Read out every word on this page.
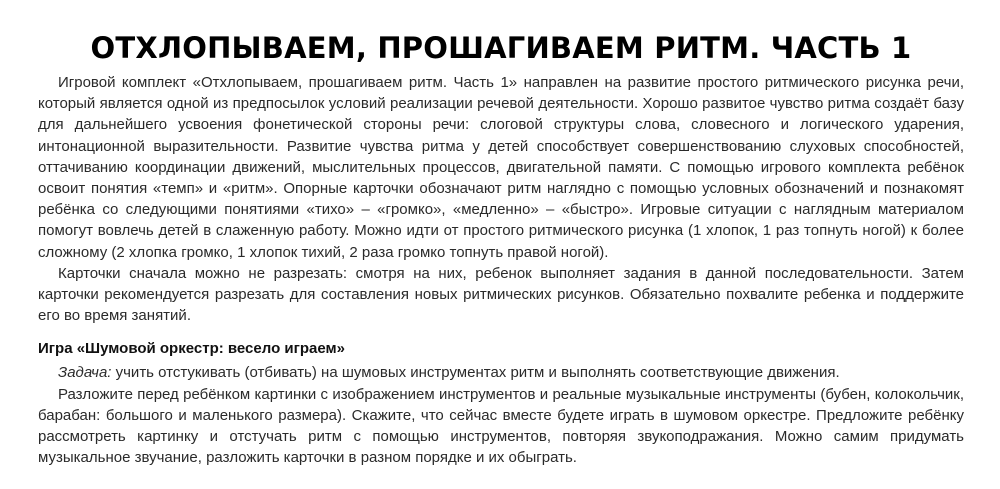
ОТХЛОПЫВАЕМ, ПРОШАГИВАЕМ РИТМ. ЧАСТЬ 1

Игровой комплект «Отхлопываем, прошагиваем ритм. Часть 1» направлен на развитие простого ритмического рисунка речи, который является одной из предпосылок условий реализации речевой деятельности. Хорошо развитое чувство ритма создаёт базу для дальнейшего усвоения фонетической стороны речи: слоговой структуры слова, словесного и логического ударения, интонационной выразительности. Развитие чувства ритма у детей способствует совершенствованию слуховых способностей, оттачиванию координации движений, мыслительных процессов, двигательной памяти. С помощью игрового комплекта ребёнок освоит понятия «темп» и «ритм». Опорные карточки обозначают ритм наглядно с помощью условных обозначений и познакомят ребёнка со следующими понятиями «тихо» – «громко», «медленно» – «быстро». Игровые ситуации с наглядным материалом помогут вовлечь детей в слаженную работу. Можно идти от простого ритмического рисунка (1 хлопок, 1 раз топнуть ногой) к более сложному (2 хлопка громко, 1 хлопок тихий, 2 раза громко топнуть правой ногой).

Карточки сначала можно не разрезать: смотря на них, ребенок выполняет задания в данной последовательности. Затем карточки рекомендуется разрезать для составления новых ритмических рисунков. Обязательно похвалите ребенка и поддержите его во время занятий.

Игра «Шумовой оркестр: весело играем»

Задача: учить отстукивать (отбивать) на шумовых инструментах ритм и выполнять соответствующие движения.

Разложите перед ребёнком картинки с изображением инструментов и реальные музыкальные инструменты (бубен, колокольчик, барабан: большого и маленького размера). Скажите, что сейчас вместе будете играть в шумовом оркестре. Предложите ребёнку рассмотреть картинку и отстучать ритм с помощью инструментов, повторяя звукоподражания. Можно самим придумать музыкальное звучание, разложить карточки в разном порядке и их обыграть.
